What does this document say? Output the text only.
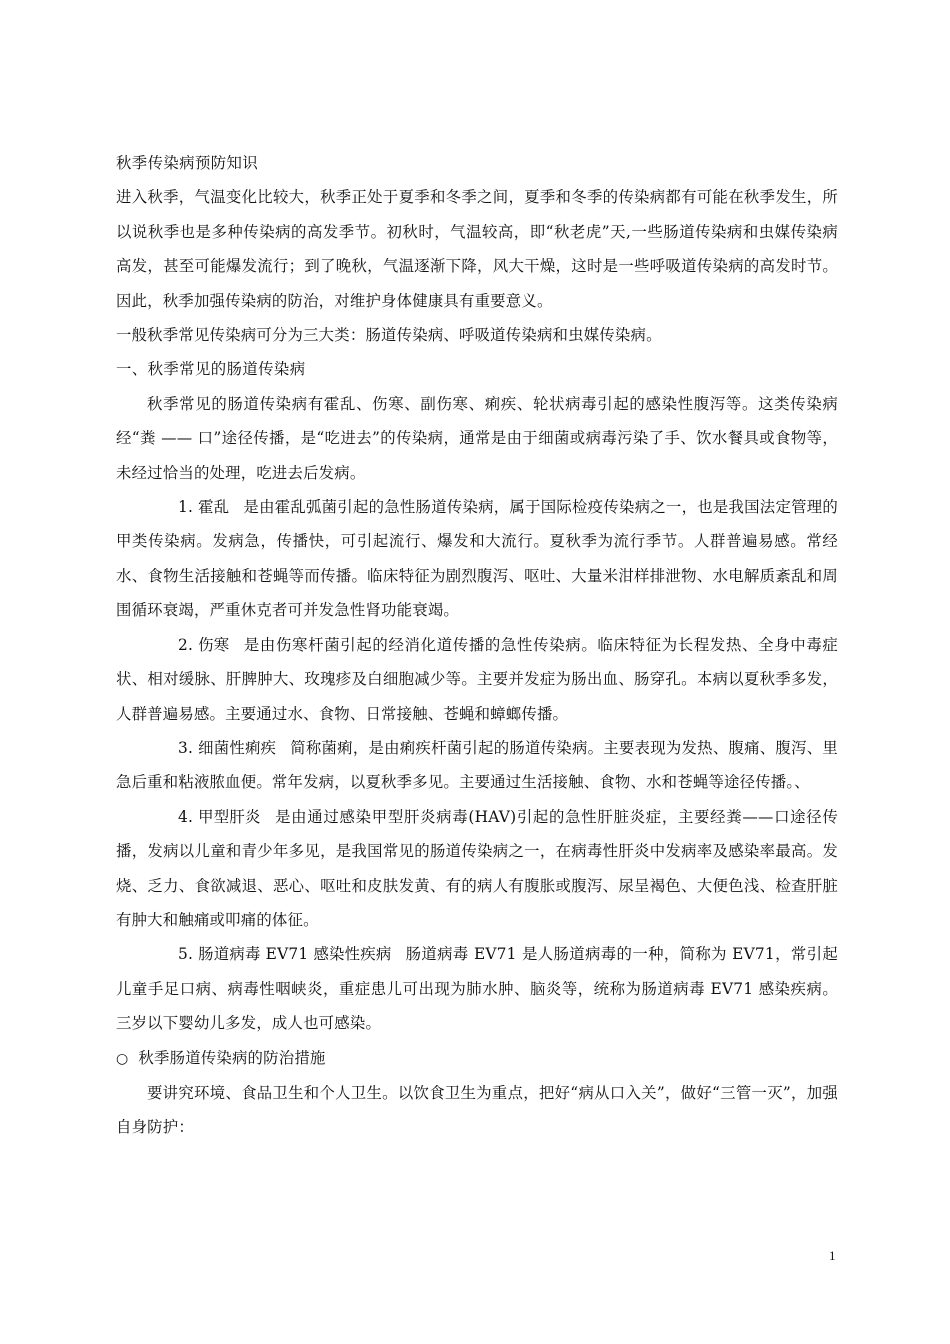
秋季传染病预防知识

进入秋季，气温变化比较大，秋季正处于夏季和冬季之间，夏季和冬季的传染病都有可能在秋季发生，所以说秋季也是多种传染病的高发季节。初秋时，气温较高，即“秋老虎”天,一些肠道传染病和虫媒传染病高发，甚至可能爆发流行；到了晚秋，气温逐渐下降，风大干燥，这时是一些呼吸道传染病的高发时节。因此，秋季加强传染病的防治，对维护身体健康具有重要意义。

一般秋季常见传染病可分为三大类：肠道传染病、呼吸道传染病和虫媒传染病。

一、秋季常见的肠道传染病

秋季常见的肠道传染病有霍乱、伤寒、副伤寒、痢疾、轮状病毒引起的感染性腹泻等。这类传染病经“粪 —— 口”途径传播，是“吃进去”的传染病，通常是由于细菌或病毒污染了手、饮水餐具或食物等，未经过恰当的处理，吃进去后发病。

1. 霍乱 是由霍乱弧菌引起的急性肠道传染病，属于国际检疫传染病之一，也是我国法定管理的甲类传染病。发病急，传播快，可引起流行、爆发和大流行。夏秋季为流行季节。人群普遍易感。常经水、食物生活接触和苍蝇等而传播。临床特征为剧烈腹泻、呕吐、大量米泔样排泄物、水电解质紊乱和周围循环衰竭，严重休克者可并发急性肾功能衰竭。

2. 伤寒 是由伤寒杆菌引起的经消化道传播的急性传染病。临床特征为长程发热、全身中毒症状、相对缓脉、肝脾肿大、玫瑰疹及白细胞减少等。主要并发症为肠出血、肠穿孔。本病以夏秋季多发，人群普遍易感。主要通过水、食物、日常接触、苍蝇和蟑螂传播。

3. 细菌性痢疾 简称菌痢，是由痢疾杆菌引起的肠道传染病。主要表现为发热、腹痛、腹泻、里急后重和粘液脓血便。常年发病，以夏秋季多见。主要通过生活接触、食物、水和苍蝇等途径传播。、

4. 甲型肝炎 是由通过感染甲型肝炎病毒(HAV)引起的急性肝脏炎症，主要经粪——口途径传播，发病以儿童和青少年多见，是我国常见的肠道传染病之一，在病毒性肝炎中发病率及感染率最高。发烧、乏力、食欲减退、恶心、呕吐和皮肤发黄、有的病人有腹胀或腹泻、尿呈褐色、大便色浅、检查肝脏有肿大和触痛或叩痛的体征。

5. 肠道病毒 EV71 感染性疾病 肠道病毒 EV71 是人肠道病毒的一种，简称为 EV71，常引起儿童手足口病、病毒性咽峡炎，重症患儿可出现为肺水肿、脑炎等，统称为肠道病毒 EV71 感染疾病。三岁以下婴幼儿多发，成人也可感染。

○ 秋季肠道传染病的防治措施

要讲究环境、食品卫生和个人卫生。以饮食卫生为重点，把好“病从口入关”，做好“三管一灭”，加强自身防护：

1
